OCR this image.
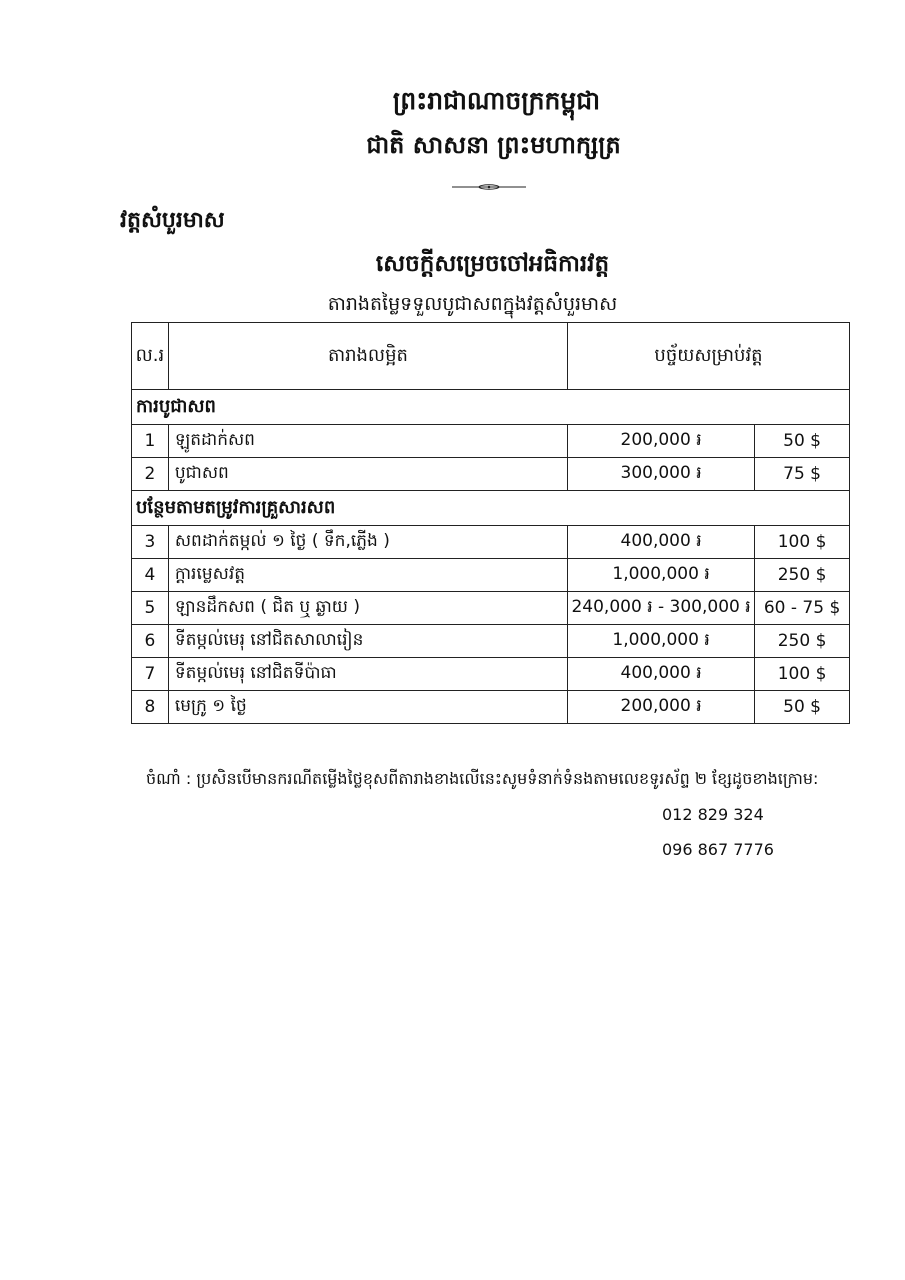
ព្រះរាជាណាចក្រកម្ពុជា
ជាតិ សាសនា ព្រះមហាក្សត្រ
វត្តសំបួរមាស
សេចក្តីសម្រេចចៅអធិការវត្ត
តារាងតម្លៃទទួលបូជាសពក្នុងវត្តសំបួរមាស
ល.រ	តារាងលម្អិត	បច្ច័យសម្រាប់វត្ត	
ការបូជាសព			
1	ឡូតដាក់សព	200,000 ៛	50 $
2	បូជាសព	300,000 ៛	75 $
បន្ថែមតាមតម្រូវការគ្រួសារសព			
3	សពដាក់តម្កល់ ១ ថ្ងៃ ( ទឹក,ភ្លើង )	400,000 ៛	100 $
4	ក្តារម្លេសវត្ត	1,000,000 ៛	250 $
5	ឡានដឹកសព ( ជិត ឬ ឆ្ងាយ )	240,000 ៛ - 300,000 ៛	60 - 75 $
6	ទីតម្កល់មេរុ នៅជិតសាលារៀន	1,000,000 ៛	250 $
7	ទីតម្កល់មេរុ នៅជិតទីប៉ាធា	400,000 ៛	100 $
8	មេក្រូ ១ ថ្ងៃ	200,000 ៛	50 $
ចំណាំ : ប្រសិនបើមានករណីតម្លើងថ្លៃខុសពីតារាងខាងលើនេះសូមទំនាក់ទំនងតាមលេខទូរស័ព្ទ ២ ខ្សែដូចខាងក្រោម:
012 829 324
096 867 7776
